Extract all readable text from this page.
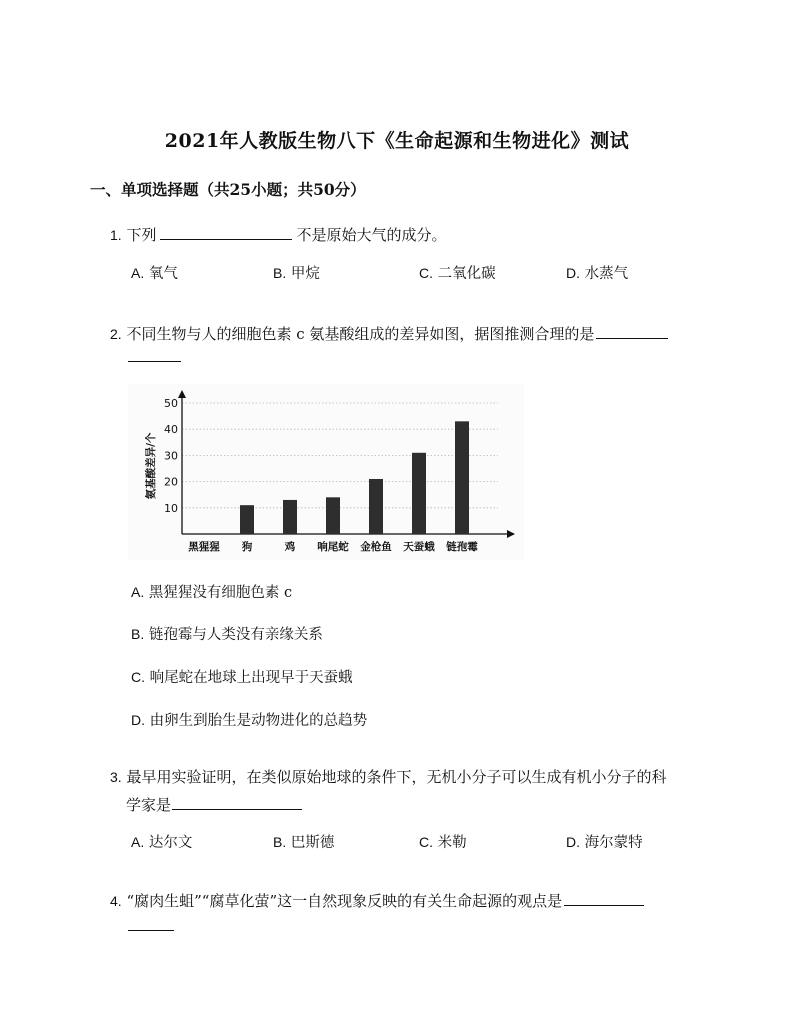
2021年人教版生物八下《生命起源和生物进化》测试
一、单项选择题（共25小题；共50分）
1. 下列	不是原始大气的成分。
A. 氧气	B. 甲烷	C. 二氧化碳	D. 水蒸气
2. 不同生物与人的细胞色素 c 氨基酸组成的差异如图，据图推测合理的是
10
20
30
40
50
氨基酸差异/个
黑猩猩 狗	鸡 响尾蛇 金枪鱼 天蚕蛾 链孢霉
A. 黑猩猩没有细胞色素 c
B. 链孢霉与人类没有亲缘关系
C. 响尾蛇在地球上出现早于天蚕蛾
D. 由卵生到胎生是动物进化的总趋势
3. 最早用实验证明，在类似原始地球的条件下，无机小分子可以生成有机小分子的科
学家是
A. 达尔文	B. 巴斯德	C. 米勒	D. 海尔蒙特
4. “腐肉生蛆”“腐草化萤”这一自然现象反映的有关生命起源的观点是
